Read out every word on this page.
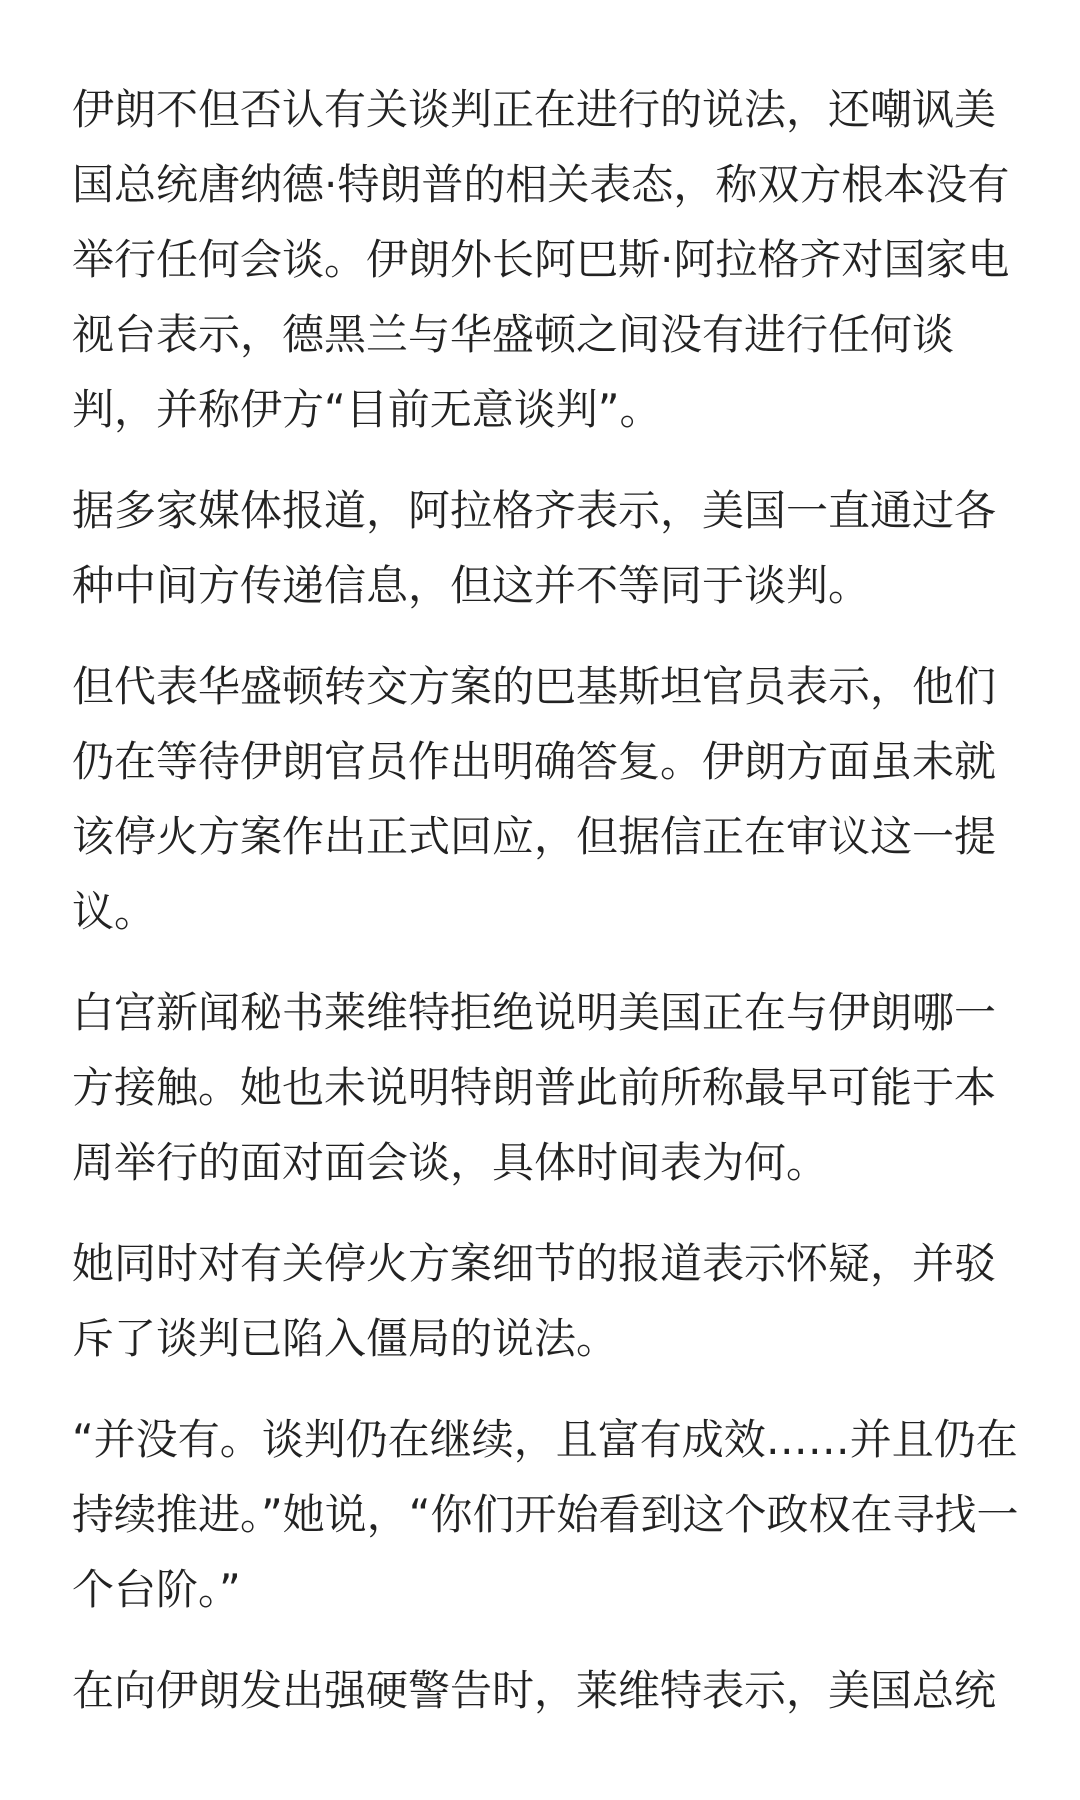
伊朗不但否认有关谈判正在进行的说法，还嘲讽美国总统唐纳德·特朗普的相关表态，称双方根本没有举行任何会谈。伊朗外长阿巴斯·阿拉格齐对国家电视台表示，德黑兰与华盛顿之间没有进行任何谈判，并称伊方“目前无意谈判”。

据多家媒体报道，阿拉格齐表示，美国一直通过各种中间方传递信息，但这并不等同于谈判。

但代表华盛顿转交方案的巴基斯坦官员表示，他们仍在等待伊朗官员作出明确答复。伊朗方面虽未就该停火方案作出正式回应，但据信正在审议这一提议。

白宫新闻秘书莱维特拒绝说明美国正在与伊朗哪一方接触。她也未说明特朗普此前所称最早可能于本周举行的面对面会谈，具体时间表为何。

她同时对有关停火方案细节的报道表示怀疑，并驳斥了谈判已陷入僵局的说法。

“并没有。谈判仍在继续，且富有成效……并且仍在持续推进。”她说，“你们开始看到这个政权在寻找一个台阶。”

在向伊朗发出强硬警告时，莱维特表示，美国总统
